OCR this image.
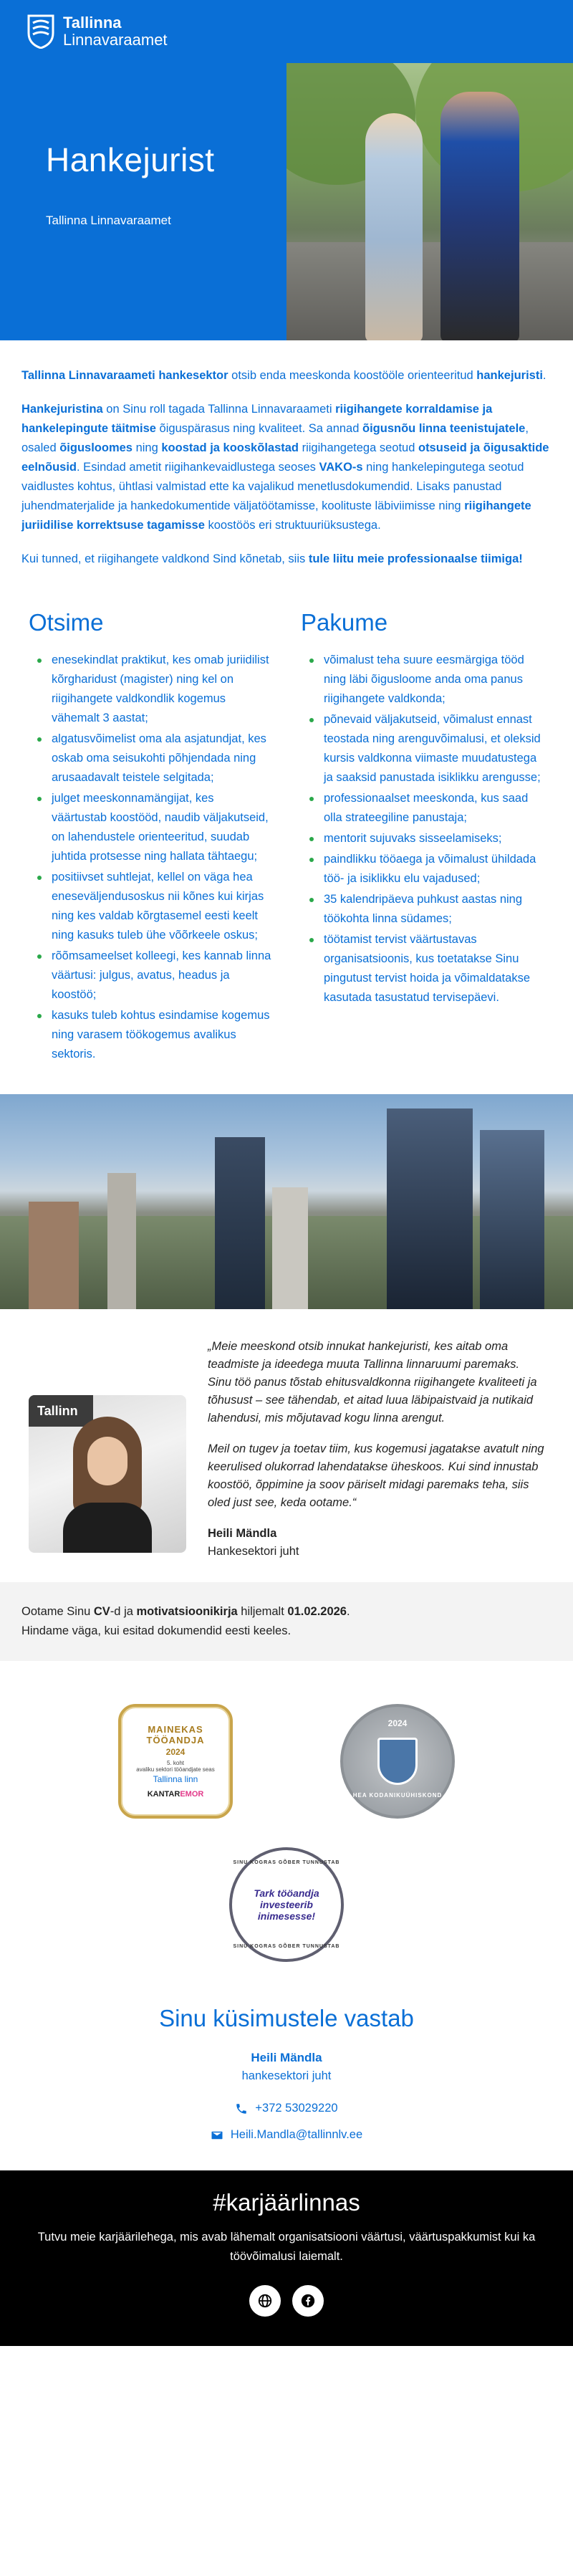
Tallinna
Linnavaraamet
Hankejurist
Tallinna Linnavaraamet

Tallinna Linnavaraameti hankesektor otsib enda meeskonda koostööle orienteeritud hankejuristi.

Hankejuristina on Sinu roll tagada Tallinna Linnavaraameti riigihangete korraldamise ja hankelepingute täitmise õiguspärasus ning kvaliteet. Sa annad õigusnõu linna teenistujatele, osaled õigusloomes ning koostad ja kooskõlastad riigihangetega seotud otsuseid ja õigusaktide eelnõusid. Esindad ametit riigihankevaidlustega seoses VAKO-s ning hankelepingutega seotud vaidlustes kohtus, ühtlasi valmistad ette ka vajalikud menetlusdokumendid. Lisaks panustad juhendmaterjalide ja hankedokumentide väljatöötamisse, koolituste läbiviimisse ning riigihangete juriidilise korrektsuse tagamisse koostöös eri struktuuriüksustega.

Kui tunned, et riigihangete valdkond Sind kõnetab, siis tule liitu meie professionaalse tiimiga!

Otsime
enesekindlat praktikut, kes omab juriidilist kõrgharidust (magister) ning kel on riigihangete valdkondlik kogemus vähemalt 3 aastat;
algatusvõimelist oma ala asjatundjat, kes oskab oma seisukohti põhjendada ning arusaadavalt teistele selgitada;
julget meeskonnamängijat, kes väärtustab koostööd, naudib väljakutseid, on lahendustele orienteeritud, suudab juhtida protsesse ning hallata tähtaegu;
positiivset suhtlejat, kellel on väga hea eneseväljendusoskus nii kõnes kui kirjas ning kes valdab kõrgtasemel eesti keelt ning kasuks tuleb ühe võõrkeele oskus;
rõõmsameelset kolleegi, kes kannab linna väärtusi: julgus, avatus, headus ja koostöö;
kasuks tuleb kohtus esindamise kogemus ning varasem töökogemus avalikus sektoris.
Pakume
võimalust teha suure eesmärgiga tööd ning läbi õigusloome anda oma panus riigihangete valdkonda;
põnevaid väljakutseid, võimalust ennast teostada ning arenguvõimalusi, et oleksid kursis valdkonna viimaste muudatustega ja saaksid panustada isiklikku arengusse;
professionaalset meeskonda, kus saad olla strateegiline panustaja;
mentorit sujuvaks sisseelamiseks;
paindlikku tööaega ja võimalust ühildada töö- ja isiklikku elu vajadused;
35 kalendripäeva puhkust aastas ning töökohta linna südames;
töötamist tervist väärtustavas organisatsioonis, kus toetatakse Sinu pingutust tervist hoida ja võimaldatakse kasutada tasustatud tervisepäevi.
Tallinn

„Meie meeskond otsib innukat hankejuristi, kes aitab oma teadmiste ja ideedega muuta Tallinna linnaruumi paremaks. Sinu töö panus tõstab ehitusvaldkonna riigihangete kvaliteeti ja tõhusust – see tähendab, et aitad luua läbipaistvaid ja nutikaid lahendusi, mis mõjutavad kogu linna arengut.

Meil on tugev ja toetav tiim, kus kogemusi jagatakse avatult ning keerulised olukorrad lahendatakse üheskoos. Kui sind innustab koostöö, õppimine ja soov päriselt midagi paremaks teha, siis oled just see, keda ootame.“

Heili Mändla
Hankesektori juht
Ootame Sinu CV-d ja motivatsioonikirja hiljemalt 01.02.2026.
Hindame väga, kui esitad dokumendid eesti keeles.
MAINEKAS
TÖÖANDJA
2024
5. koht
avaliku sektori tööandjate seas
Tallinna linn
KANTAREMOR
2024
HEA KODANIKUÜHISKOND
SINU KOGRAS GÕBER TUNNUSTAB
Tark tööandja investeerib inimesesse!
SINU KOGRAS GÕBER TUNNUSTAB
Sinu küsimustele vastab
Heili Mändla
hankesektori juht
+372 53029220
Heili.Mandla@tallinnlv.ee
#karjäärlinnas

Tutvu meie karjäärilehega, mis avab lähemalt organisatsiooni väärtusi, väärtuspakkumist kui ka töövõimalusi laiemalt.
